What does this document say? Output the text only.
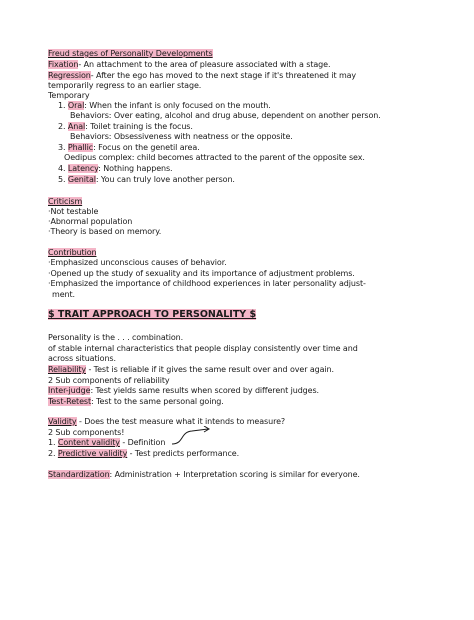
Freud stages of Personality Developments
Fixation- An attachment to the area of pleasure associated with a stage.
Regression- After the ego has moved to the next stage if it's threatened it may
temporarily regress to an earlier stage.
Temporary
1. Oral: When the infant is only focused on the mouth.
Behaviors: Over eating, alcohol and drug abuse, dependent on another person.
2. Anal: Toilet training is the focus.
Behaviors: Obsessiveness with neatness or the opposite.
3. Phallic: Focus on the genetil area.
Oedipus complex: child becomes attracted to the parent of the opposite sex.
4. Latency: Nothing happens.
5. Genital: You can truly love another person.
Criticism
·Not testable
·Abnormal population
·Theory is based on memory.
Contribution
·Emphasized unconscious causes of behavior.
·Opened up the study of sexuality and its importance of adjustment problems.
·Emphasized the importance of childhood experiences in later personality adjust-
ment.
$ TRAIT APPROACH TO PERSONALITY $
Personality is the . . . combination.
of stable internal characteristics that people display consistently over time and
across situations.
Reliability - Test is reliable if it gives the same result over and over again.
2 Sub components of reliability
Inter-judge: Test yields same results when scored by different judges.
Test-Retest: Test to the same personal going.
Validity - Does the test measure what it intends to measure?
2 Sub components!
1. Content validity - Definition
2. Predictive validity - Test predicts performance.
Standardization: Administration + Interpretation scoring is similar for everyone.
